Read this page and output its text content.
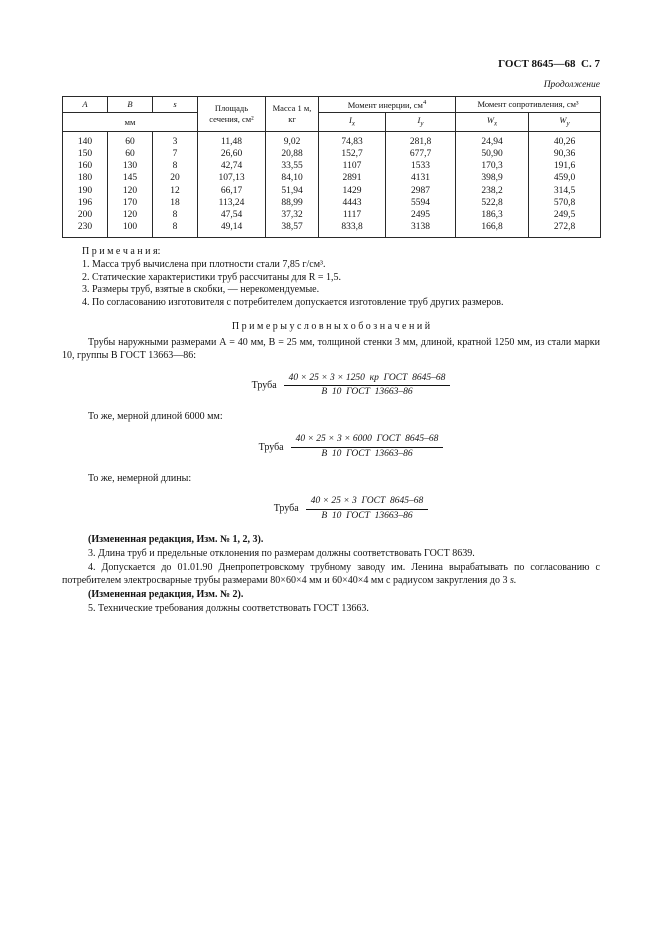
ГОСТ 8645—68  С. 7
Продолжение
А	В	s	Площадь сечения, см²	Масса 1 м, кг	Момент инерции, $см^4$		Момент сопротивления, см³	
мм					$I_x$	$I_y$	$W_x$	$W_y$
140	60	3	11,48	9,02	74,83	281,8	24,94	40,26
150	60	7	26,60	20,88	152,7	677,7	50,90	90,36
160	130	8	42,74	33,55	1107	1533	170,3	191,6
180	145	20	107,13	84,10	2891	4131	398,9	459,0
190	120	12	66,17	51,94	1429	2987	238,2	314,5
196	170	18	113,24	88,99	4443	5594	522,8	570,8
200	120	8	47,54	37,32	1117	2495	186,3	249,5
230	100	8	49,14	38,57	833,8	3138	166,8	272,8

П р и м е ч а н и я:

1. Масса труб вычислена при плотности стали 7,85 г/см³.

2. Статические характеристики труб рассчитаны для R = 1,5.

3. Размеры труб, взятые в скобки, — нерекомендуемые.

4. По согласованию изготовителя с потребителем допускается изготовление труб других размеров.

П р и м е р ы у с л о в н ы х о б о з н а ч е н и й

Трубы наружными размерами А = 40 мм, В = 25 мм, толщиной стенки 3 мм, длиной, кратной 1250 мм, из стали марки 10, группы В ГОСТ 13663—86:

Труба $\frac{\text{40 × 25 × 3 × 1250  кр  ГОСТ  8645–68}}{\text{В  10  ГОСТ  13663–86}}$

То же, мерной длиной 6000 мм:

Труба $\frac{\text{40 × 25 × 3 × 6000  ГОСТ  8645–68}}{\text{В  10  ГОСТ  13663–86}}$

То же, немерной длины:

Труба $\frac{\text{40 × 25 × 3  ГОСТ  8645–68}}{\text{В  10  ГОСТ  13663–86}}$

(Измененная редакция, Изм. № 1, 2, 3).

3. Длина труб и предельные отклонения по размерам должны соответствовать ГОСТ 8639.

4. Допускается до 01.01.90 Днепропетровскому трубному заводу им. Ленина вырабатывать по согласованию с потребителем электросварные трубы размерами 80×60×4 мм и 60×40×4 мм с радиусом закругления до 3 s.

(Измененная редакция, Изм. № 2).

5. Технические требования должны соответствовать ГОСТ 13663.
